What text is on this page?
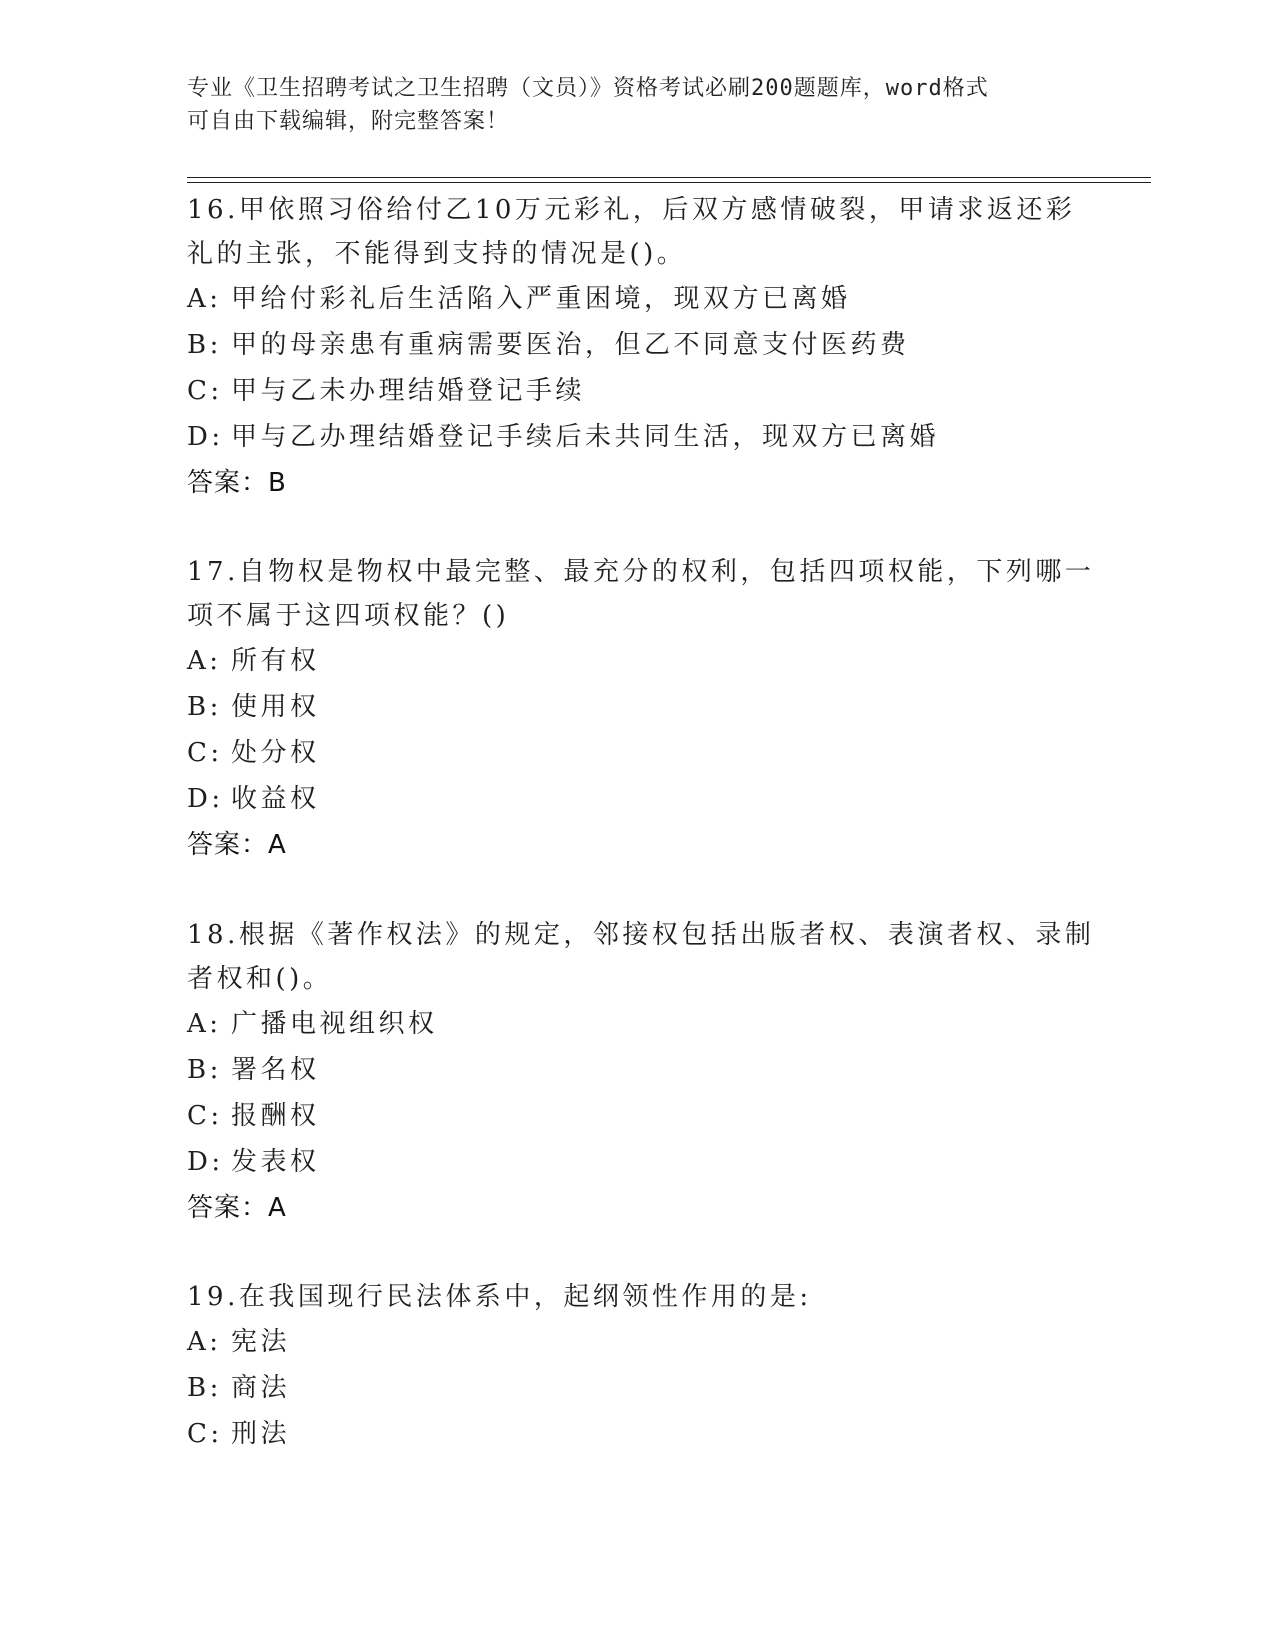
专业《卫生招聘考试之卫生招聘（文员）》资格考试必刷200题题库，word格式
可自由下载编辑，附完整答案！
16.甲依照习俗给付乙10万元彩礼，后双方感情破裂，甲请求返还彩
礼的主张，不能得到支持的情况是()。
A: 甲给付彩礼后生活陷入严重困境，现双方已离婚
B: 甲的母亲患有重病需要医治，但乙不同意支付医药费
C: 甲与乙未办理结婚登记手续
D: 甲与乙办理结婚登记手续后未共同生活，现双方已离婚
答案：B
17.自物权是物权中最完整、最充分的权利，包括四项权能，下列哪一
项不属于这四项权能？()
A: 所有权
B: 使用权
C: 处分权
D: 收益权
答案：A
18.根据《著作权法》的规定，邻接权包括出版者权、表演者权、录制
者权和()。
A: 广播电视组织权
B: 署名权
C: 报酬权
D: 发表权
答案：A
19.在我国现行民法体系中，起纲领性作用的是:
A: 宪法
B: 商法
C: 刑法
